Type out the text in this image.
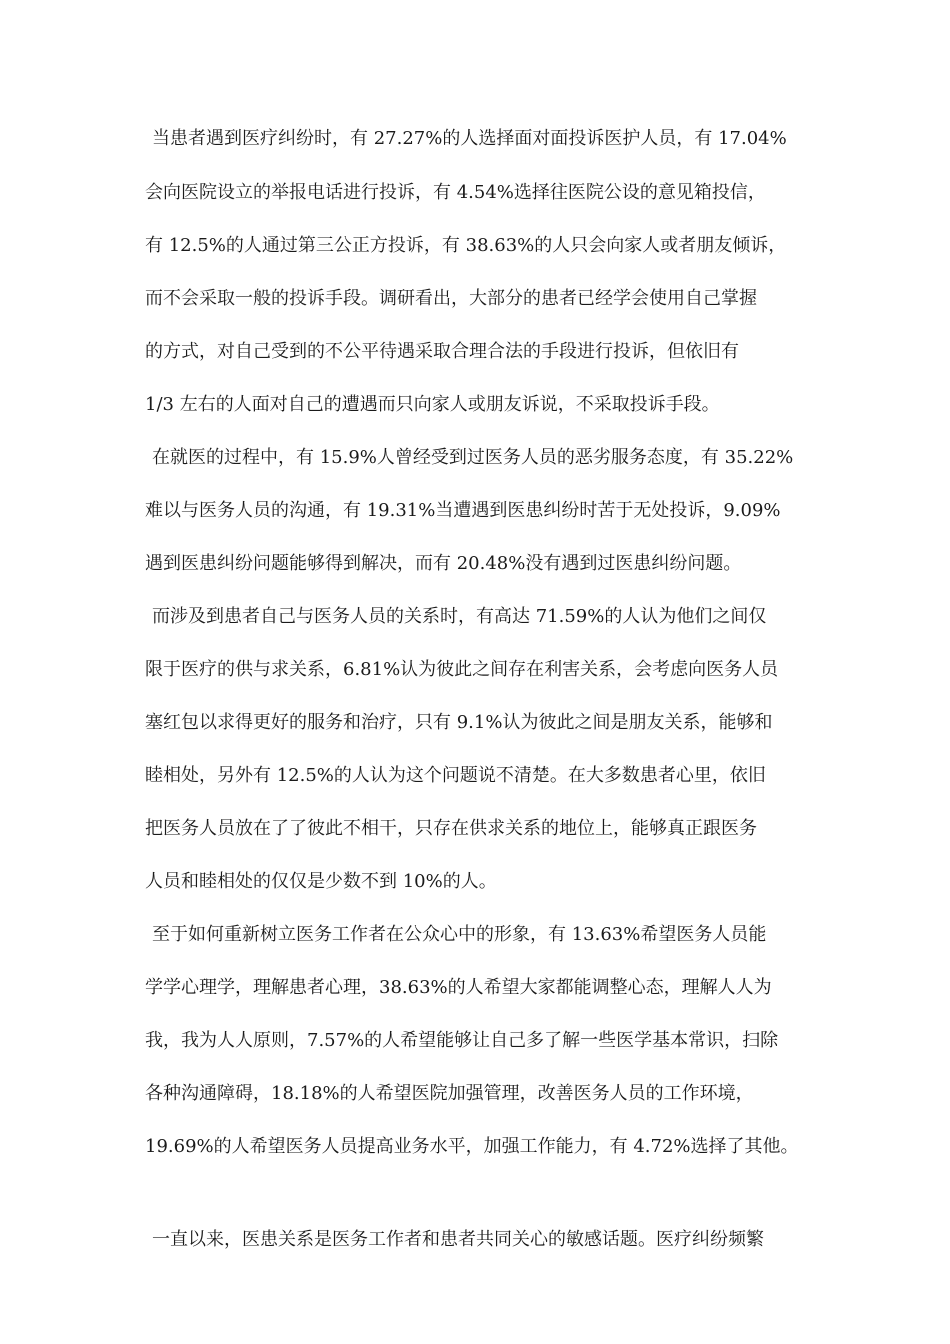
当患者遇到医疗纠纷时，有 27.27%的人选择面对面投诉医护人员，有 17.04%

会向医院设立的举报电话进行投诉，有 4.54%选择往医院公设的意见箱投信，

有 12.5%的人通过第三公正方投诉，有 38.63%的人只会向家人或者朋友倾诉，

而不会采取一般的投诉手段。调研看出，大部分的患者已经学会使用自己掌握

的方式，对自己受到的不公平待遇采取合理合法的手段进行投诉，但依旧有

1/3 左右的人面对自己的遭遇而只向家人或朋友诉说，不采取投诉手段。

在就医的过程中，有 15.9%人曾经受到过医务人员的恶劣服务态度，有 35.22%

难以与医务人员的沟通，有 19.31%当遭遇到医患纠纷时苦于无处投诉，9.09%

遇到医患纠纷问题能够得到解决，而有 20.48%没有遇到过医患纠纷问题。

而涉及到患者自己与医务人员的关系时，有高达 71.59%的人认为他们之间仅

限于医疗的供与求关系，6.81%认为彼此之间存在利害关系，会考虑向医务人员

塞红包以求得更好的服务和治疗，只有 9.1%认为彼此之间是朋友关系，能够和

睦相处，另外有 12.5%的人认为这个问题说不清楚。在大多数患者心里，依旧

把医务人员放在了了彼此不相干，只存在供求关系的地位上，能够真正跟医务

人员和睦相处的仅仅是少数不到 10%的人。

至于如何重新树立医务工作者在公众心中的形象，有 13.63%希望医务人员能

学学心理学，理解患者心理，38.63%的人希望大家都能调整心态，理解人人为

我，我为人人原则，7.57%的人希望能够让自己多了解一些医学基本常识，扫除

各种沟通障碍，18.18%的人希望医院加强管理，改善医务人员的工作环境，

19.69%的人希望医务人员提高业务水平，加强工作能力，有 4.72%选择了其他。

一直以来，医患关系是医务工作者和患者共同关心的敏感话题。医疗纠纷频繁
